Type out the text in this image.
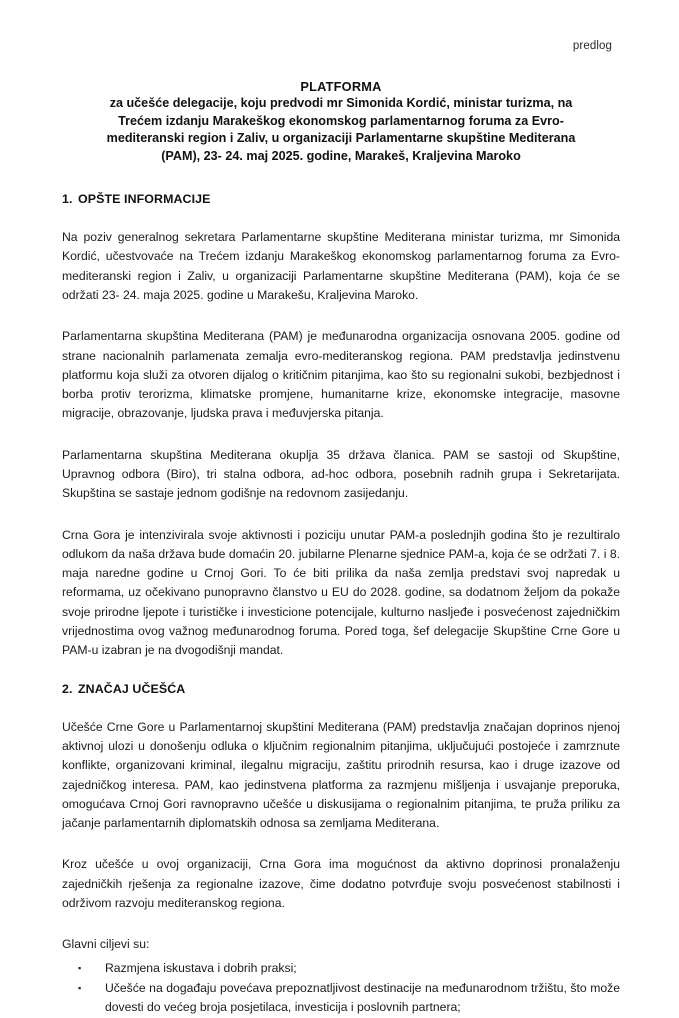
predlog
PLATFORMA
za učešće delegacije, koju predvodi mr Simonida Kordić, ministar turizma, na
Trećem izdanju Marakeškog ekonomskog parlamentarnog foruma za Evro-
mediteranski region i Zaliv, u organizaciji Parlamentarne skupštine Mediterana
(PAM), 23- 24. maj 2025. godine, Marakeš, Kraljevina Maroko
1. OPŠTE INFORMACIJE

Na poziv generalnog sekretara Parlamentarne skupštine Mediterana ministar turizma, mr Simonida Kordić, učestvovaće na Trećem izdanju Marakeškog ekonomskog parlamentarnog foruma za Evro-mediteranski region i Zaliv, u organizaciji Parlamentarne skupštine Mediterana (PAM), koja će se održati 23- 24. maja 2025. godine u Marakešu, Kraljevina Maroko.

Parlamentarna skupština Mediterana (PAM) je međunarodna organizacija osnovana 2005. godine od strane nacionalnih parlamenata zemalja evro-mediteranskog regiona. PAM predstavlja jedinstvenu platformu koja služi za otvoren dijalog o kritičnim pitanjima, kao što su regionalni sukobi, bezbjednost i borba protiv terorizma, klimatske promjene, humanitarne krize, ekonomske integracije, masovne migracije, obrazovanje, ljudska prava i međuvjerska pitanja.

Parlamentarna skupština Mediterana okuplja 35 država članica. PAM se sastoji od Skupštine, Upravnog odbora (Biro), tri stalna odbora, ad-hoc odbora, posebnih radnih grupa i Sekretarijata. Skupština se sastaje jednom godišnje na redovnom zasijedanju.

Crna Gora je intenzivirala svoje aktivnosti i poziciju unutar PAM-a poslednjih godina što je rezultiralo odlukom da naša država bude domaćin 20. jubilarne Plenarne sjednice PAM-a, koja će se održati 7. i 8. maja naredne godine u Crnoj Gori. To će biti prilika da naša zemlja predstavi svoj napredak u reformama, uz očekivano punopravno članstvo u EU do 2028. godine, sa dodatnom željom da pokaže svoje prirodne ljepote i turističke i investicione potencijale, kulturno nasljeđe i posvećenost zajedničkim vrijednostima ovog važnog međunarodnog foruma. Pored toga, šef delegacije Skupštine Crne Gore u PAM-u izabran je na dvogodišnji mandat.

2. ZNAČAJ UČEŠĆA

Učešće Crne Gore u Parlamentarnoj skupštini Mediterana (PAM) predstavlja značajan doprinos njenoj aktivnoj ulozi u donošenju odluka o ključnim regionalnim pitanjima, uključujući postojeće i zamrznute konflikte, organizovani kriminal, ilegalnu migraciju, zaštitu prirodnih resursa, kao i druge izazove od zajedničkog interesa. PAM, kao jedinstvena platforma za razmjenu mišljenja i usvajanje preporuka, omogućava Crnoj Gori ravnopravno učešće u diskusijama o regionalnim pitanjima, te pruža priliku za jačanje parlamentarnih diplomatskih odnosa sa zemljama Mediterana.

Kroz učešće u ovoj organizaciji, Crna Gora ima mogućnost da aktivno doprinosi pronalaženju zajedničkih rješenja za regionalne izazove, čime dodatno potvrđuje svoju posvećenost stabilnosti i održivom razvoju mediteranskog regiona.

Glavni ciljevi su:

▪ Razmjena iskustava i dobrih praksi;
▪ Učešće na događaju povećava prepoznatljivost destinacije na međunarodnom tržištu, što može dovesti do većeg broja posjetilaca, investicija i poslovnih partnera;
